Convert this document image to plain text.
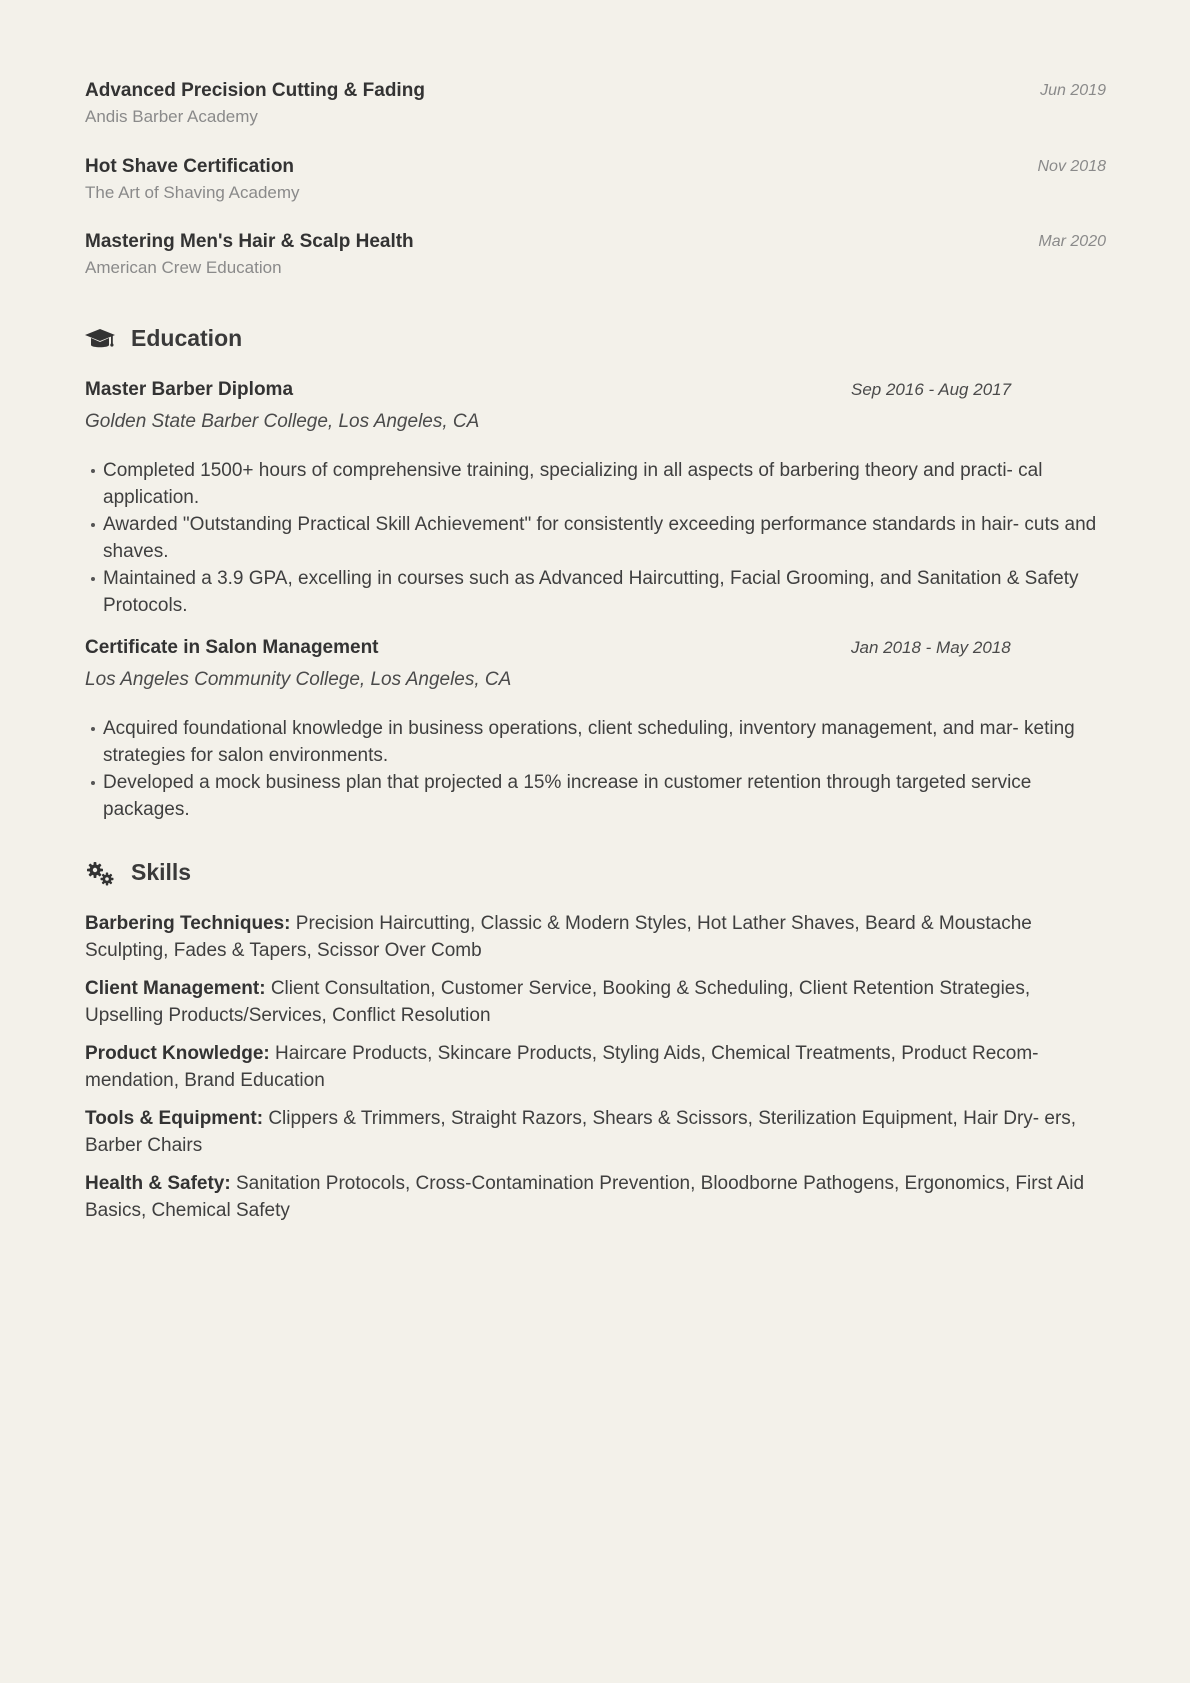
Advanced Precision Cutting & Fading
Andis Barber Academy
Jun 2019
Hot Shave Certification
The Art of Shaving Academy
Nov 2018
Mastering Men's Hair & Scalp Health
American Crew Education
Mar 2020
Education
Master Barber Diploma	Sep 2016 - Aug 2017
Golden State Barber College, Los Angeles, CA
Completed 1500+ hours of comprehensive training, specializing in all aspects of barbering theory and practi- cal application.
Awarded "Outstanding Practical Skill Achievement" for consistently exceeding performance standards in hair- cuts and shaves.
Maintained a 3.9 GPA, excelling in courses such as Advanced Haircutting, Facial Grooming, and Sanitation & Safety Protocols.
Certificate in Salon Management	Jan 2018 - May 2018
Los Angeles Community College, Los Angeles, CA
Acquired foundational knowledge in business operations, client scheduling, inventory management, and mar- keting strategies for salon environments.
Developed a mock business plan that projected a 15% increase in customer retention through targeted service packages.
Skills
Barbering Techniques: Precision Haircutting, Classic & Modern Styles, Hot Lather Shaves, Beard & Moustache Sculpting, Fades & Tapers, Scissor Over Comb
Client Management: Client Consultation, Customer Service, Booking & Scheduling, Client Retention Strategies, Upselling Products/Services, Conflict Resolution
Product Knowledge: Haircare Products, Skincare Products, Styling Aids, Chemical Treatments, Product Recom- mendation, Brand Education
Tools & Equipment: Clippers & Trimmers, Straight Razors, Shears & Scissors, Sterilization Equipment, Hair Dry- ers, Barber Chairs
Health & Safety: Sanitation Protocols, Cross-Contamination Prevention, Bloodborne Pathogens, Ergonomics, First Aid Basics, Chemical Safety
